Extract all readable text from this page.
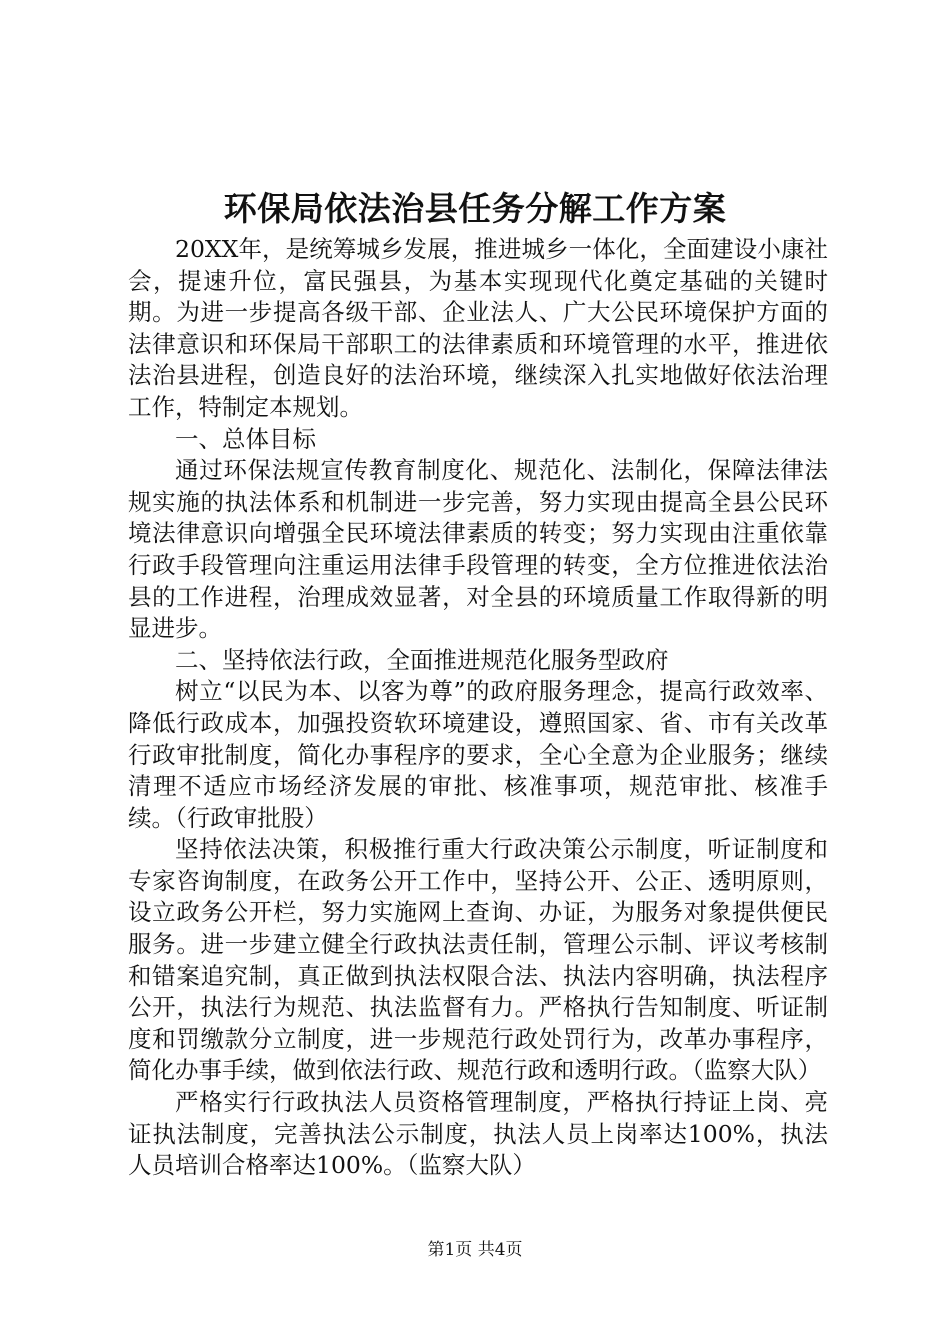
环保局依法治县任务分解工作方案

20XX年，是统筹城乡发展，推进城乡一体化，全面建设小康社会，提速升位，富民强县，为基本实现现代化奠定基础的关键时期。为进一步提高各级干部、企业法人、广大公民环境保护方面的法律意识和环保局干部职工的法律素质和环境管理的水平，推进依法治县进程，创造良好的法治环境，继续深入扎实地做好依法治理工作，特制定本规划。

一、总体目标

通过环保法规宣传教育制度化、规范化、法制化，保障法律法规实施的执法体系和机制进一步完善，努力实现由提高全县公民环境法律意识向增强全民环境法律素质的转变；努力实现由注重依靠行政手段管理向注重运用法律手段管理的转变，全方位推进依法治县的工作进程，治理成效显著，对全县的环境质量工作取得新的明显进步。

二、坚持依法行政，全面推进规范化服务型政府

树立“以民为本、以客为尊”的政府服务理念，提高行政效率、降低行政成本，加强投资软环境建设，遵照国家、省、市有关改革行政审批制度，简化办事程序的要求，全心全意为企业服务；继续清理不适应市场经济发展的审批、核准事项，规范审批、核准手续。（行政审批股）

坚持依法决策，积极推行重大行政决策公示制度，听证制度和专家咨询制度，在政务公开工作中，坚持公开、公正、透明原则，设立政务公开栏，努力实施网上查询、办证，为服务对象提供便民服务。进一步建立健全行政执法责任制，管理公示制、评议考核制和错案追究制，真正做到执法权限合法、执法内容明确，执法程序公开，执法行为规范、执法监督有力。严格执行告知制度、听证制度和罚缴款分立制度，进一步规范行政处罚行为，改革办事程序，简化办事手续，做到依法行政、规范行政和透明行政。（监察大队）

严格实行行政执法人员资格管理制度，严格执行持证上岗、亮证执法制度，完善执法公示制度，执法人员上岗率达100%，执法人员培训合格率达100%。（监察大队）

第1页 共4页
